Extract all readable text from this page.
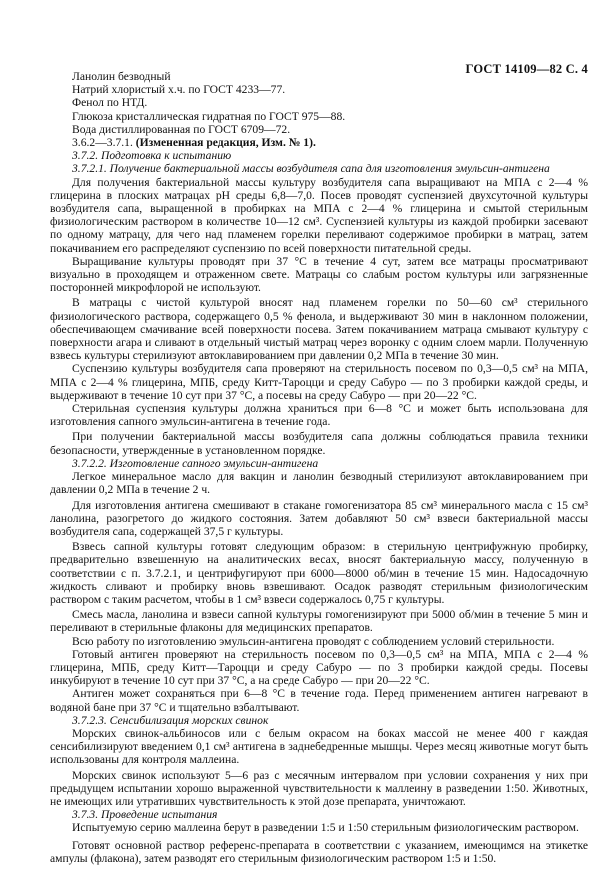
ГОСТ 14109—82 С. 4

Ланолин безводный

Натрий хлористый х.ч. по ГОСТ 4233—77.

Фенол по НТД.

Глюкоза кристаллическая гидратная по ГОСТ 975—88.

Вода дистиллированная по ГОСТ 6709—72.

3.6.2—3.7.1. (Измененная редакция, Изм. № 1).

3.7.2. Подготовка к испытанию

3.7.2.1. Получение бактериальной массы возбудителя сапа для изготовления эмульсин-антигена

Для получения бактериальной массы культуру возбудителя сапа выращивают на МПА с 2—4 % глицерина в плоских матрацах pH среды 6,8—7,0. Посев проводят суспензией двухсуточной культуры возбудителя сапа, выращенной в пробирках на МПА с 2—4 % глицерина и смытой стерильным физиологическим раствором в количестве 10—12 см³. Суспензией культуры из каждой пробирки засевают по одному матрацу, для чего над пламенем горелки переливают содержимое пробирки в матрац, затем покачиванием его распределяют суспензию по всей поверхности питательной среды.

Выращивание культуры проводят при 37 °С в течение 4 сут, затем все матрацы просматривают визуально в проходящем и отраженном свете. Матрацы со слабым ростом культуры или загрязненные посторонней микрофлорой не используют.

В матрацы с чистой культурой вносят над пламенем горелки по 50—60 см³ стерильного физиологического раствора, содержащего 0,5 % фенола, и выдерживают 30 мин в наклонном положении, обеспечивающем смачивание всей поверхности посева. Затем покачиванием матраца смывают культуру с поверхности агара и сливают в отдельный чистый матрац через воронку с одним слоем марли. Полученную взвесь культуры стерилизуют автоклавированием при давлении 0,2 МПа в течение 30 мин.

Суспензию культуры возбудителя сапа проверяют на стерильность посевом по 0,3—0,5 см³ на МПА, МПА с 2—4 % глицерина, МПБ, среду Китт-Тароцци и среду Сабуро — по 3 пробирки каждой среды, и выдерживают в течение 10 сут при 37 °С, а посевы на среду Сабуро — при 20—22 °С.

Стерильная суспензия культуры должна храниться при 6—8 °С и может быть использована для изготовления сапного эмульсин-антигена в течение года.

При получении бактериальной массы возбудителя сапа должны соблюдаться правила техники безопасности, утвержденные в установленном порядке.

3.7.2.2. Изготовление сапного эмульсин-антигена

Легкое минеральное масло для вакцин и ланолин безводный стерилизуют автоклавированием при давлении 0,2 МПа в течение 2 ч.

Для изготовления антигена смешивают в стакане гомогенизатора 85 см³ минерального масла с 15 см³ ланолина, разогретого до жидкого состояния. Затем добавляют 50 см³ взвеси бактериальной массы возбудителя сапа, содержащей 37,5 г культуры.

Взвесь сапной культуры готовят следующим образом: в стерильную центрифужную пробирку, предварительно взвешенную на аналитических весах, вносят бактериальную массу, полученную в соответствии с п. 3.7.2.1, и центрифугируют при 6000—8000 об/мин в течение 15 мин. Надосадочную жидкость сливают и пробирку вновь взвешивают. Осадок разводят стерильным физиологическим раствором с таким расчетом, чтобы в 1 см³ взвеси содержалось 0,75 г культуры.

Смесь масла, ланолина и взвеси сапной культуры гомогенизируют при 5000 об/мин в течение 5 мин и переливают в стерильные флаконы для медицинских препаратов.

Всю работу по изготовлению эмульсин-антигена проводят с соблюдением условий стерильности.

Готовый антиген проверяют на стерильность посевом по 0,3—0,5 см³ на МПА, МПА с 2—4 % глицерина, МПБ, среду Китт—Тароцци и среду Сабуро — по 3 пробирки каждой среды. Посевы инкубируют в течение 10 сут при 37 °С, а на среде Сабуро — при 20—22 °С.

Антиген может сохраняться при 6—8 °С в течение года. Перед применением антиген нагревают в водяной бане при 37 °С и тщательно взбалтывают.

3.7.2.3. Сенсибилизация морских свинок

Морских свинок-альбиносов или с белым окрасом на боках массой не менее 400 г каждая сенсибилизируют введением 0,1 см³ антигена в заднебедренные мышцы. Через месяц животные могут быть использованы для контроля маллеина.

Морских свинок используют 5—6 раз с месячным интервалом при условии сохранения у них при предыдущем испытании хорошо выраженной чувствительности к маллеину в разведении 1:50. Животных, не имеющих или утративших чувствительность к этой дозе препарата, уничтожают.

3.7.3. Проведение испытания

Испытуемую серию маллеина берут в разведении 1:5 и 1:50 стерильным физиологическим раствором.

Готовят основной раствор референс-препарата в соответствии с указанием, имеющимся на этикетке ампулы (флакона), затем разводят его стерильным физиологическим раствором 1:5 и 1:50.
